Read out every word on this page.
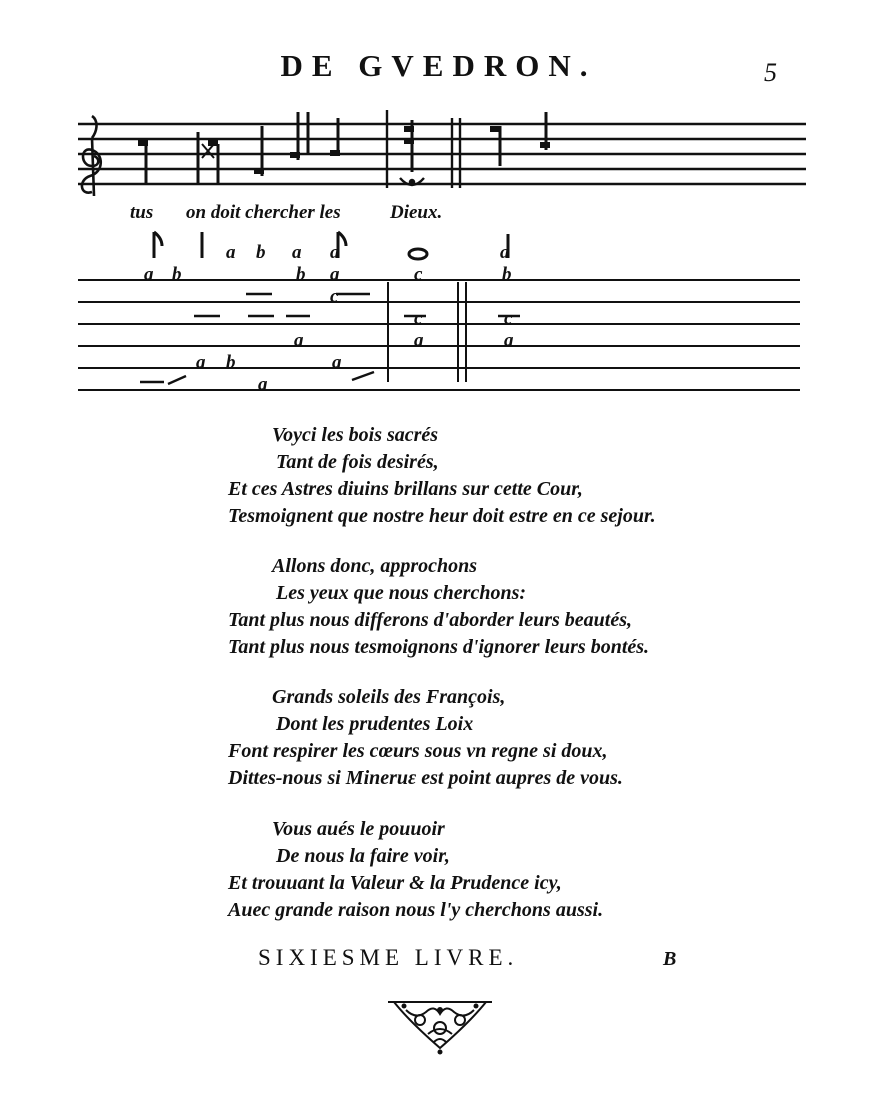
DE GVEDRON.	5
a b a a	a
a b	b a	c	b
c
c	c
a	a	a
a b	a
a
tus on doit chercher les	Dieux.
Voyci les bois sacrés
Tant de fois desirés,
Et ces Astres diuins brillans sur cette Cour,
Tesmoignent que nostre heur doit estre en ce sejour.
Allons donc, approchons
Les yeux que nous cherchons:
Tant plus nous differons d'aborder leurs beautés,
Tant plus nous tesmoignons d'ignorer leurs bontés.
Grands soleils des François,
Dont les prudentes Loix
Font respirer les cœurs sous vn regne si doux,
Dittes-nous si Mineruε est point aupres de vous.
Vous aués le pouuoir
De nous la faire voir,
Et trouuant la Valeur & la Prudence icy,
Auec grande raison nous l'y cherchons aussi.
SIXIESME LIVRE.	B
